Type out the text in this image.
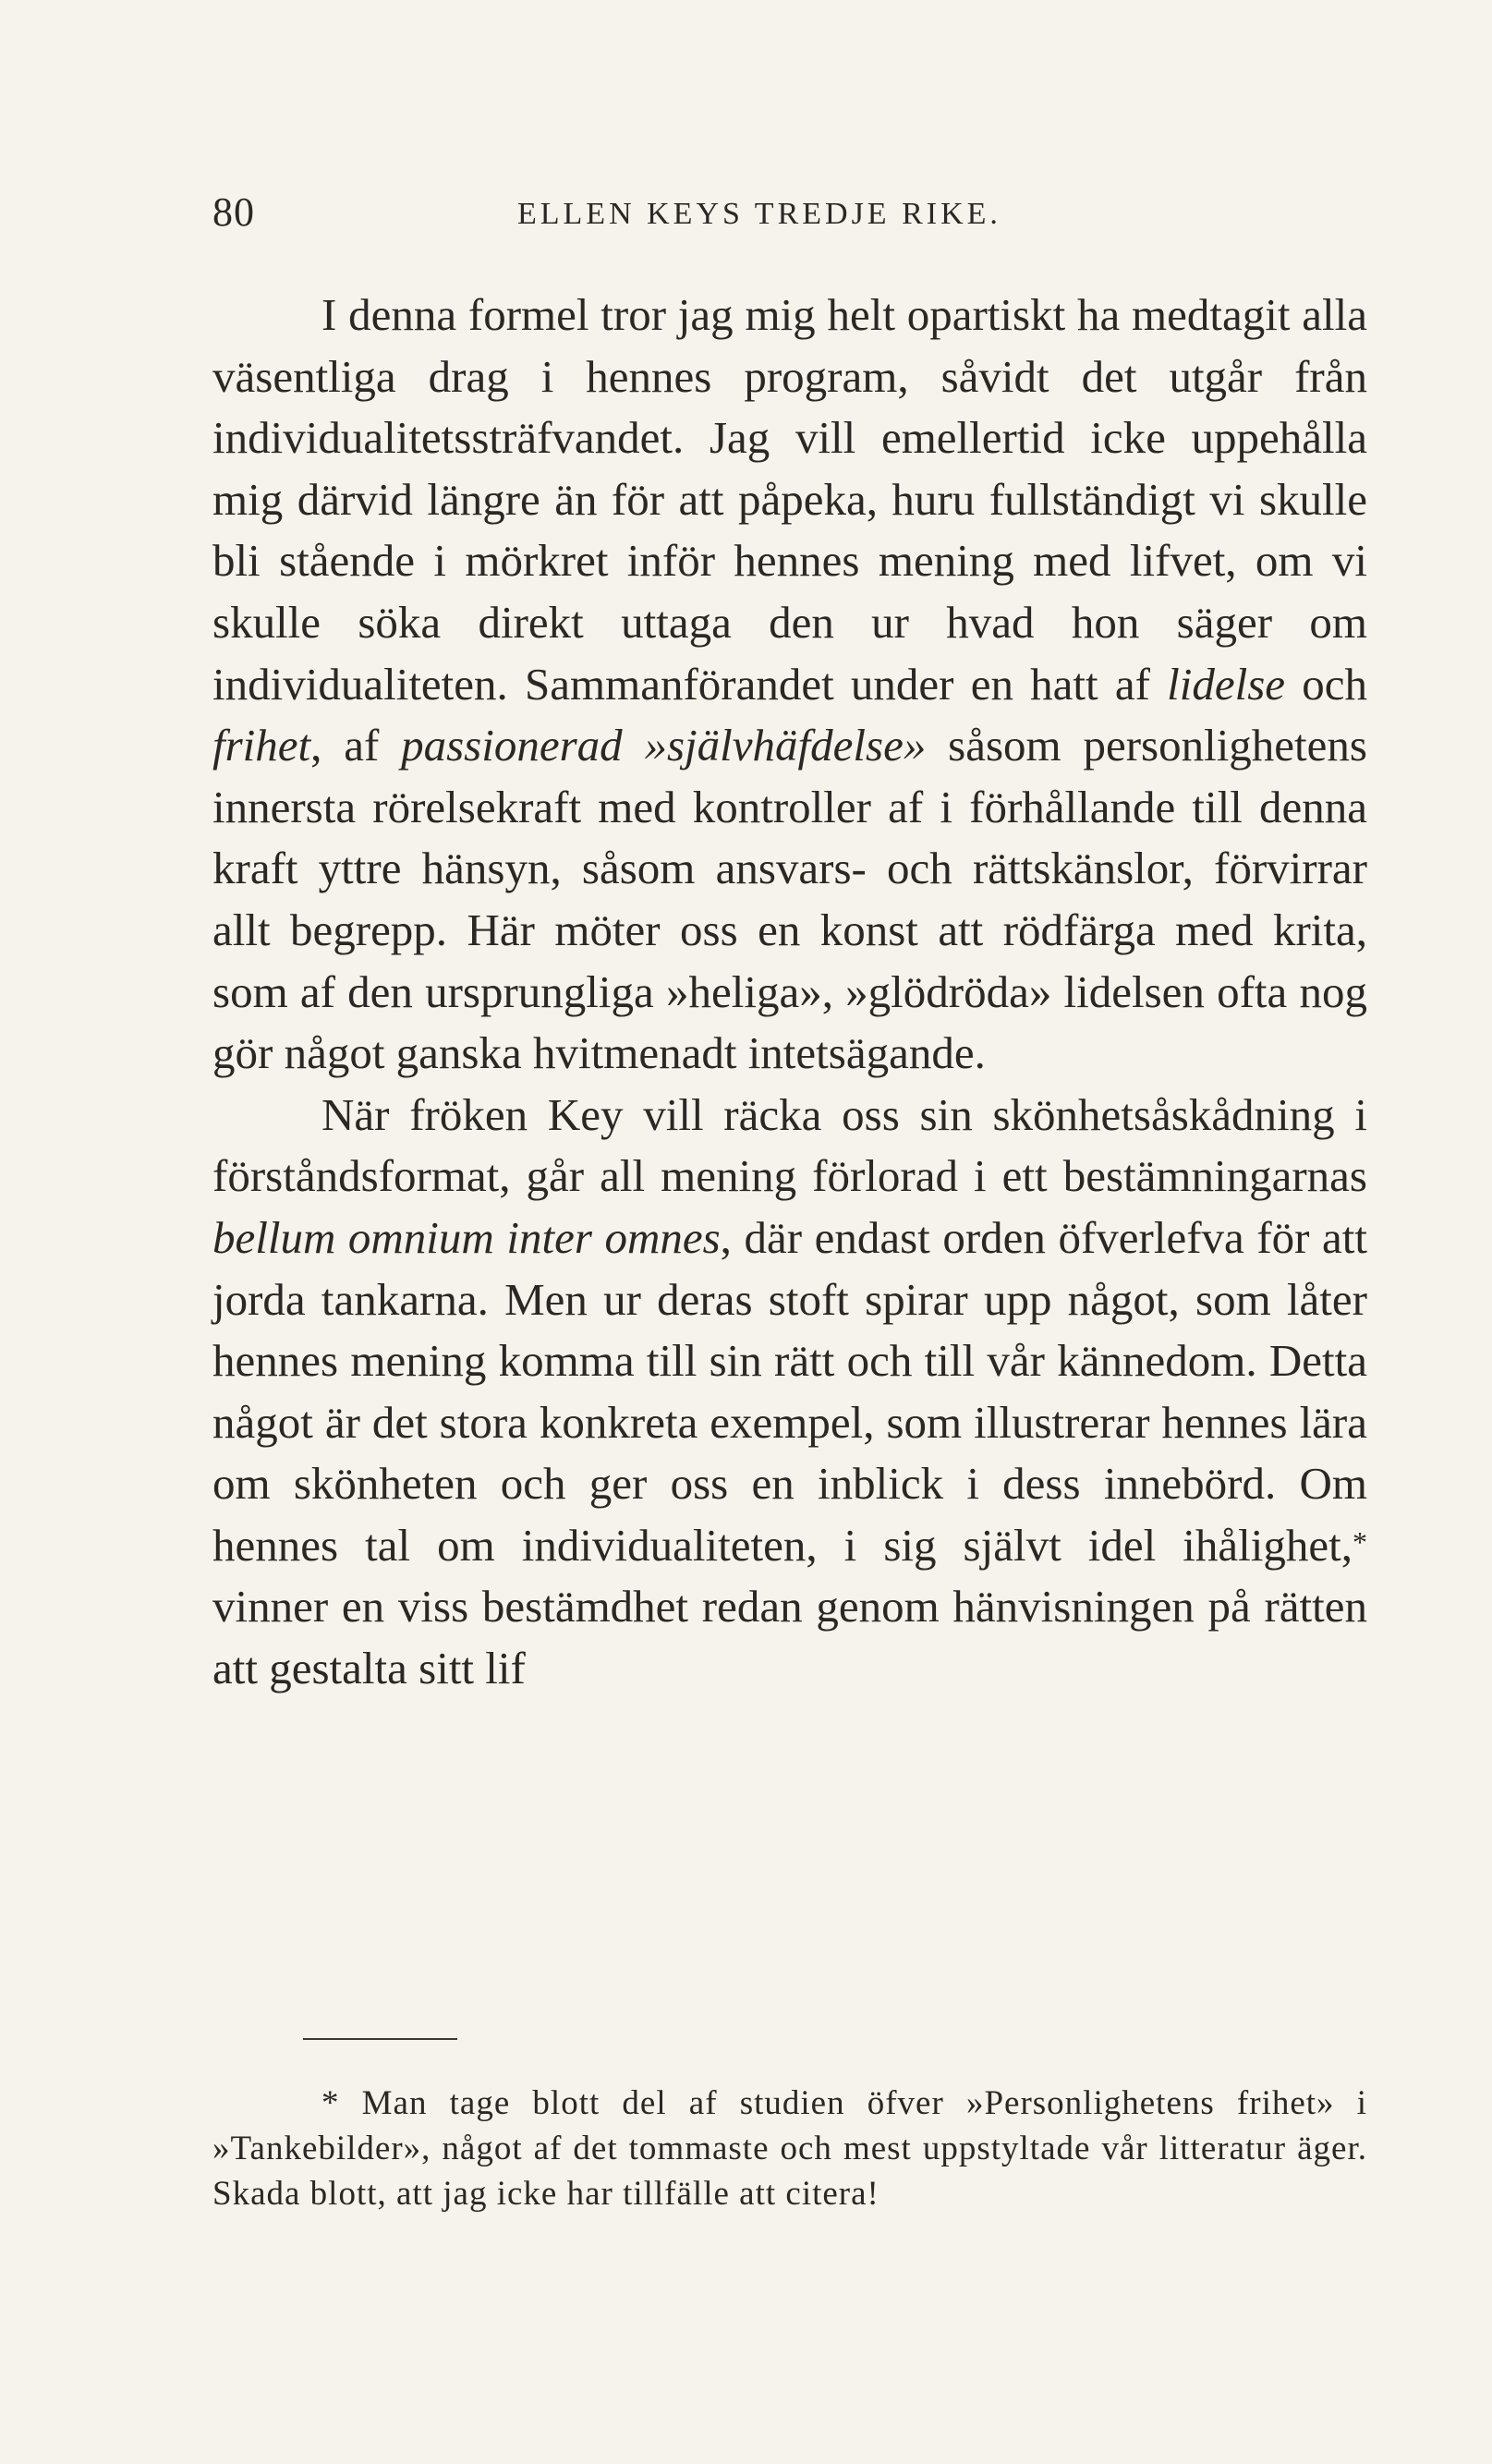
80	ELLEN KEYS TREDJE RIKE.

I denna formel tror jag mig helt opartiskt ha medtagit alla väsentliga drag i hennes program, såvidt det utgår från individualitetssträfvandet. Jag vill emellertid icke uppehålla mig därvid längre än för att påpeka, huru fullständigt vi skulle bli stående i mörkret inför hennes mening med lifvet, om vi skulle söka direkt uttaga den ur hvad hon säger om individualiteten. Sammanförandet under en hatt af lidelse och frihet, af passionerad »självhäfdelse» såsom personlighetens innersta rörelsekraft med kontroller af i förhållande till denna kraft yttre hänsyn, såsom ansvars- och rättskänslor, förvirrar allt begrepp. Här möter oss en konst att rödfärga med krita, som af den ursprungliga »heliga», »glödröda» lidelsen ofta nog gör något ganska hvitmenadt intetsägande.

När fröken Key vill räcka oss sin skönhetsåskådning i förståndsformat, går all mening förlorad i ett bestämningarnas bellum omnium inter omnes, där endast orden öfverlefva för att jorda tankarna. Men ur deras stoft spirar upp något, som låter hennes mening komma till sin rätt och till vår kännedom. Detta något är det stora konkreta exempel, som illustrerar hennes lära om skönheten och ger oss en inblick i dess innebörd. Om hennes tal om individualiteten, i sig självt idel ihålighet,* vinner en viss bestämdhet redan genom hänvisningen på rätten att gestalta sitt lif

* Man tage blott del af studien öfver »Personlighetens frihet» i »Tankebilder», något af det tommaste och mest uppstyltade vår litteratur äger. Skada blott, att jag icke har tillfälle att citera!
